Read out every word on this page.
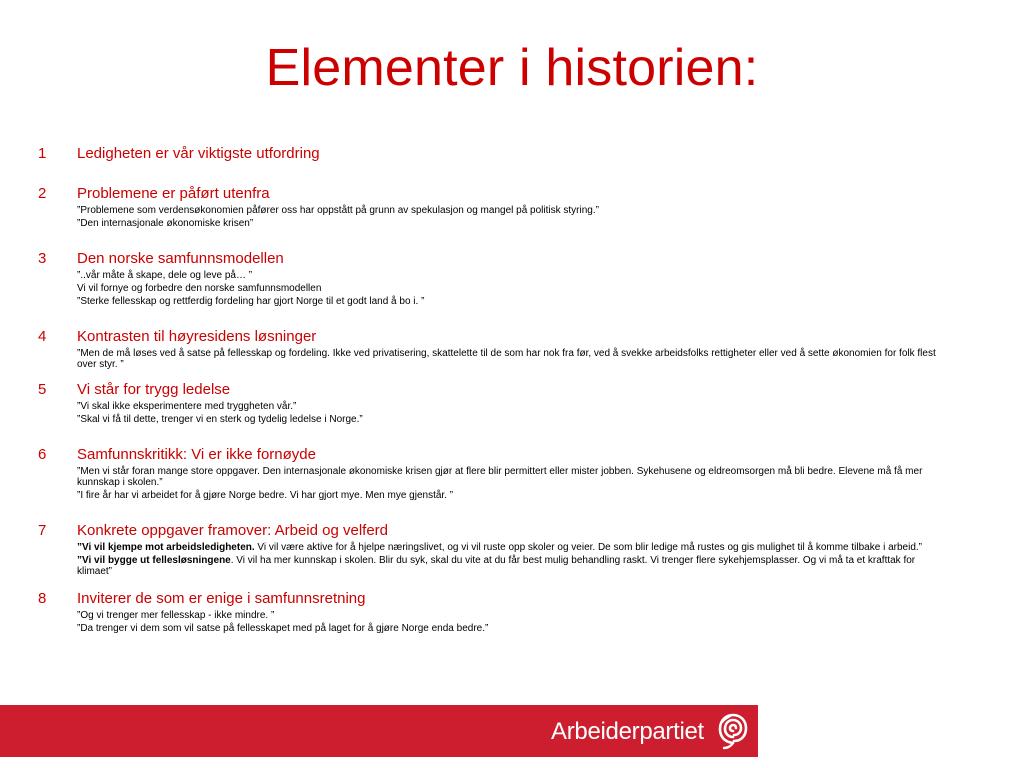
Elementer i historien:
1	Ledigheten er vår viktigste utfordring
2	Problemene er påført utenfra
”Problemene som verdensøkonomien påfører oss har oppstått på grunn av spekulasjon og mangel på politisk styring.”
”Den internasjonale økonomiske krisen”
3	Den norske samfunnsmodellen
”..vår måte å skape, dele og leve på… ”
Vi vil fornye og forbedre den norske samfunnsmodellen
”Sterke fellesskap og rettferdig fordeling har gjort Norge til et godt land å bo i. ”
4	Kontrasten til høyresidens løsninger
”Men de må løses ved å satse på fellesskap og fordeling. Ikke ved privatisering, skattelette til de som har nok fra før, ved å svekke arbeidsfolks rettigheter eller ved å sette økonomien for folk flest over styr. ”
5	Vi står for trygg ledelse
”Vi skal ikke eksperimentere med tryggheten vår.”
”Skal vi få til dette, trenger vi en sterk og tydelig ledelse i Norge.”
6	Samfunnskritikk: Vi er ikke fornøyde
”Men vi står foran mange store oppgaver. Den internasjonale økonomiske krisen gjør at flere blir permittert eller mister jobben. Sykehusene og eldreomsorgen må bli bedre. Elevene må få mer kunnskap i skolen.”
”I fire år har vi arbeidet for å gjøre Norge bedre. Vi har gjort mye. Men mye gjenstår. ”
7	Konkrete oppgaver framover: Arbeid og velferd
”Vi vil kjempe mot arbeidsledigheten. Vi vil være aktive for å hjelpe næringslivet, og vi vil ruste opp skoler og veier. De som blir ledige må rustes og gis mulighet til å komme tilbake i arbeid.”
”Vi vil bygge ut fellesløsningene. Vi vil ha mer kunnskap i skolen. Blir du syk, skal du vite at du får best mulig behandling raskt. Vi trenger flere sykehjemsplasser. Og vi må ta et krafttak for klimaet”
8	Inviterer de som er enige i samfunnsretning
”Og vi trenger mer fellesskap - ikke mindre. ”
”Da trenger vi dem som vil satse på fellesskapet med på laget for å gjøre Norge enda bedre.”
Arbeiderpartiet
